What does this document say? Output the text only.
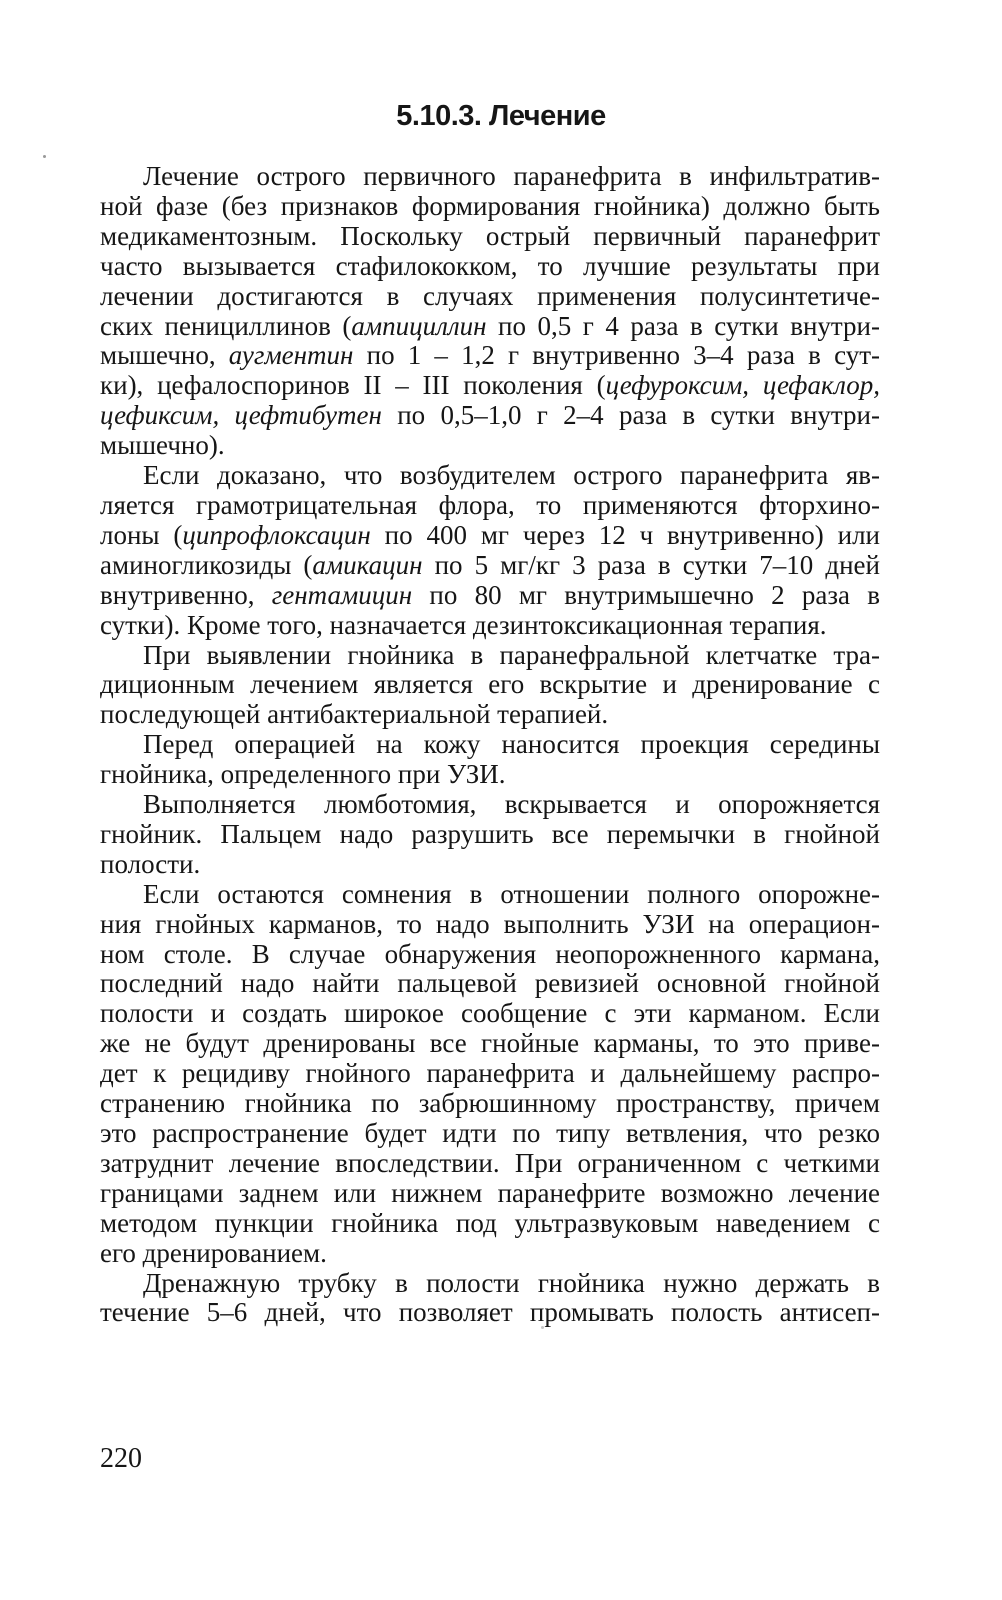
5.10.3. Лечение

Лечение острого первичного паранефрита в инфильтратив-
ной фазе (без признаков формирования гнойника) должно быть
медикаментозным. Поскольку острый первичный паранефрит
часто вызывается стафилококком, то лучшие результаты при
лечении достигаются в случаях применения полусинтетиче-
ских пенициллинов (ампициллин по 0,5 г 4 раза в сутки внутри-
мышечно, аугментин по 1 – 1,2 г внутривенно 3–4 раза в сут-
ки), цефалоспоринов II – III поколения (цефуроксим, цефаклор,
цефиксим, цефтибутен по 0,5–1,0 г 2–4 раза в сутки внутри-
мышечно).

Если доказано, что возбудителем острого паранефрита яв-
ляется грамотрицательная флора, то применяются фторхино-
лоны (ципрофлоксацин по 400 мг через 12 ч внутривенно) или
аминогликозиды (амикацин по 5 мг/кг 3 раза в сутки 7–10 дней
внутривенно, гентамицин по 80 мг внутримышечно 2 раза в
сутки). Кроме того, назначается дезинтоксикационная терапия.

При выявлении гнойника в паранефральной клетчатке тра-
диционным лечением является его вскрытие и дренирование с
последующей антибактериальной терапией.

Перед операцией на кожу наносится проекция середины
гнойника, определенного при УЗИ.

Выполняется люмботомия, вскрывается и опорожняется
гнойник. Пальцем надо разрушить все перемычки в гнойной
полости.

Если остаются сомнения в отношении полного опорожне-
ния гнойных карманов, то надо выполнить УЗИ на операцион-
ном столе. В случае обнаружения неопорожненного кармана,
последний надо найти пальцевой ревизией основной гнойной
полости и создать широкое сообщение с эти карманом. Если
же не будут дренированы все гнойные карманы, то это приве-
дет к рецидиву гнойного паранефрита и дальнейшему распро-
странению гнойника по забрюшинному пространству, причем
это распространение будет идти по типу ветвления, что резко
затруднит лечение впоследствии. При ограниченном с четкими
границами заднем или нижнем паранефрите возможно лечение
методом пункции гнойника под ультразвуковым наведением с
его дренированием.

Дренажную трубку в полости гнойника нужно держать в
течение 5–6 дней, что позволяет промывать полость антисеп-

220
